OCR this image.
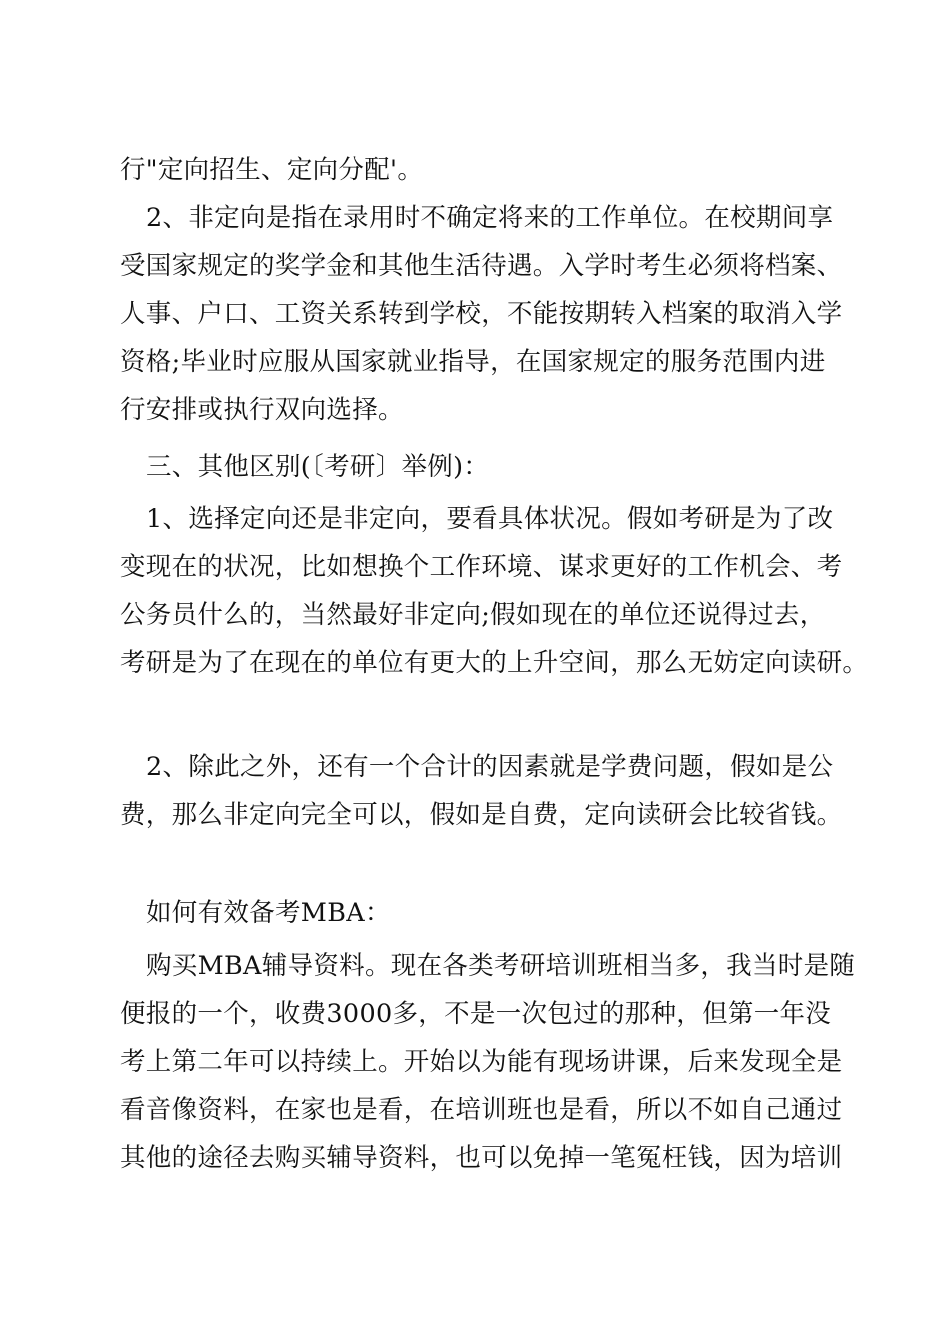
行"定向招生、定向分配'。
2、非定向是指在录用时不确定将来的工作单位。在校期间享
受国家规定的奖学金和其他生活待遇。入学时考生必须将档案、
人事、户口、工资关系转到学校，不能按期转入档案的取消入学
资格;毕业时应服从国家就业指导，在国家规定的服务范围内进
行安排或执行双向选择。
三、其他区别(〔考研〕举例)：
1、选择定向还是非定向，要看具体状况。假如考研是为了改
变现在的状况，比如想换个工作环境、谋求更好的工作机会、考
公务员什么的，当然最好非定向;假如现在的单位还说得过去，
考研是为了在现在的单位有更大的上升空间，那么无妨定向读研。
2、除此之外，还有一个合计的因素就是学费问题，假如是公
费，那么非定向完全可以，假如是自费，定向读研会比较省钱。
如何有效备考MBA：
购买MBA辅导资料。现在各类考研培训班相当多，我当时是随
便报的一个，收费3000多，不是一次包过的那种，但第一年没
考上第二年可以持续上。开始以为能有现场讲课，后来发现全是
看音像资料，在家也是看，在培训班也是看，所以不如自己通过
其他的途径去购买辅导资料，也可以免掉一笔冤枉钱，因为培训
